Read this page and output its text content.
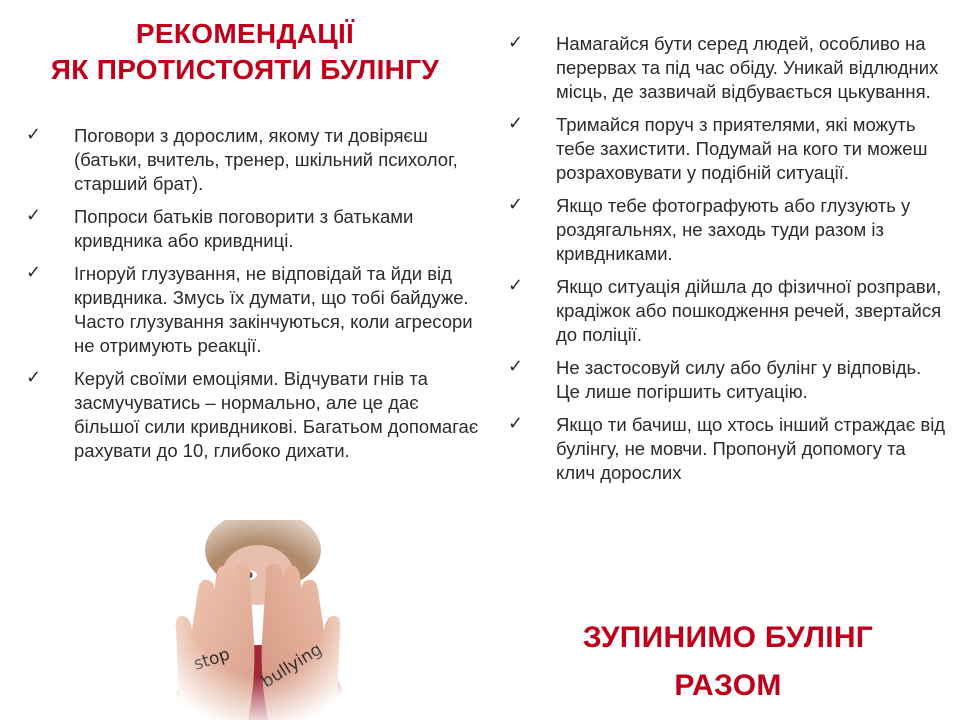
РЕКОМЕНДАЦІЇ
ЯК ПРОТИСТОЯТИ БУЛІНГУ
✓ Поговори з дорослим, якому ти довіряєш (батьки, вчитель, тренер, шкільний психолог, старший брат).
✓ Попроси батьків поговорити з батьками кривдника або кривдниці.
✓ Ігноруй глузування, не відповідай та йди від кривдника. Змусь їх думати, що тобі байдуже. Часто глузування закінчуються, коли агресори не отримують реакції.
✓ Керуй своїми емоціями. Відчувати гнів та засмучуватись – нормально, але це дає більшої сили кривдникові. Багатьом допомагає рахувати до 10, глибоко дихати.
✓ Намагайся бути серед людей, особливо на перервах та під час обіду. Уникай відлюдних місць, де зазвичай відбувається цькування.
✓ Тримайся поруч з приятелями, які можуть тебе захистити. Подумай на кого ти можеш розраховувати у подібній ситуації.
✓ Якщо тебе фотографують або глузують у роздягальнях, не заходь туди разом із кривдниками.
✓ Якщо ситуація дійшла до фізичної розправи, крадіжок або пошкодження речей, звертайся до поліції.
✓ Не застосовуй силу або булінг у відповідь. Це лише погіршить ситуацію.
✓ Якщо ти бачиш, що хтось інший страждає від булінгу, не мовчи. Пропонуй допомогу та клич дорослих
ЗУПИНИМО БУЛІНГ
РАЗОМ
